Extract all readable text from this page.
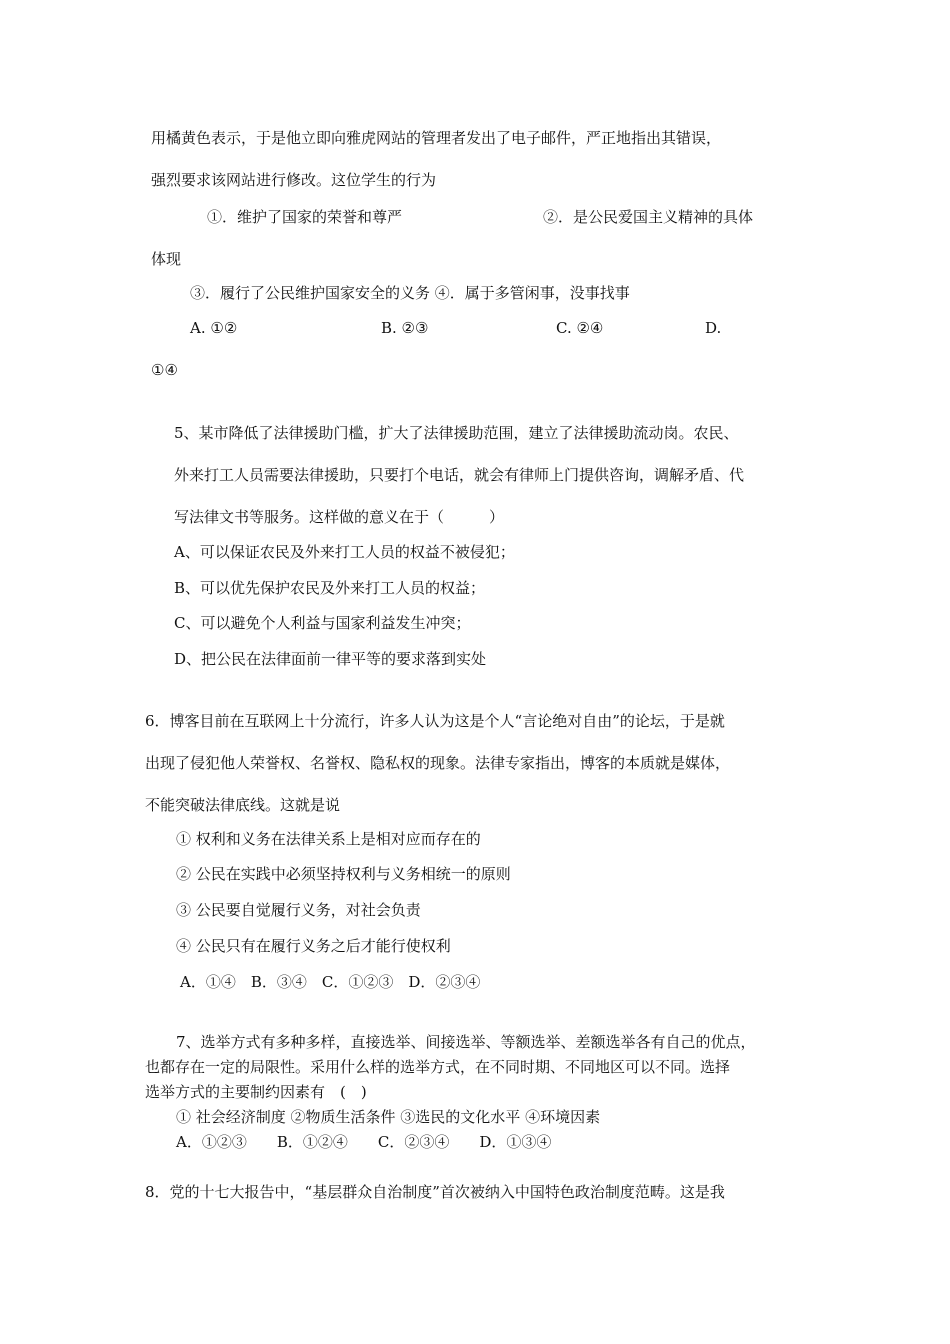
用橘黄色表示，于是他立即向雅虎网站的管理者发出了电子邮件，严正地指出其错误，
强烈要求该网站进行修改。这位学生的行为
①．维护了国家的荣誉和尊严	②．是公民爱国主义精神的具体
体现
③．履行了公民维护国家安全的义务 ④．属于多管闲事，没事找事
A. ①②	B. ②③	C. ②④	D.
①④
5、某市降低了法律援助门槛，扩大了法律援助范围，建立了法律援助流动岗。农民、
外来打工人员需要法律援助，只要打个电话，就会有律师上门提供咨询，调解矛盾、代
写法律文书等服务。这样做的意义在于（　　　）
A、可以保证农民及外来打工人员的权益不被侵犯；
B、可以优先保护农民及外来打工人员的权益；
C、可以避免个人利益与国家利益发生冲突；
D、把公民在法律面前一律平等的要求落到实处
6．博客目前在互联网上十分流行，许多人认为这是个人“言论绝对自由”的论坛，于是就
出现了侵犯他人荣誉权、名誉权、隐私权的现象。法律专家指出，博客的本质就是媒体，
不能突破法律底线。这就是说
① 权利和义务在法律关系上是相对应而存在的
② 公民在实践中必须坚持权利与义务相统一的原则
③ 公民要自觉履行义务，对社会负责
④ 公民只有在履行义务之后才能行使权利
A．①④　B．③④　C．①②③　D．②③④
7、选举方式有多种多样，直接选举、间接选举、等额选举、差额选举各有自己的优点，
也都存在一定的局限性。采用什么样的选举方式，在不同时期、不同地区可以不同。选择
选举方式的主要制约因素有　(　)
① 社会经济制度 ②物质生活条件 ③选民的文化水平 ④环境因素
A．①②③　　B．①②④　　C．②③④　　D．①③④
8．党的十七大报告中，“基层群众自治制度”首次被纳入中国特色政治制度范畴。这是我
